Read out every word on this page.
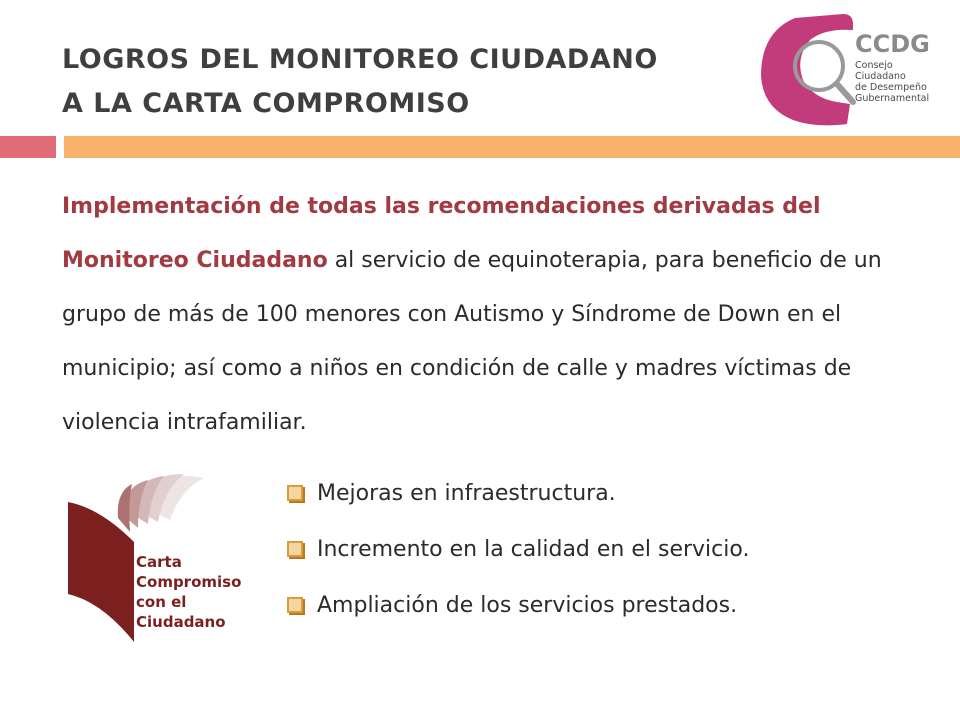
LOGROS DEL MONITOREO CIUDADANO
A LA CARTA COMPROMISO
CCDG
Consejo
Ciudadano
de Desempeño
Gubernamental
Implementación de todas las recomendaciones derivadas del Monitoreo Ciudadano al servicio de equinoterapia, para beneficio de un grupo de más de 100 menores con Autismo y Síndrome de Down en el municipio; así como a niños en condición de calle y madres víctimas de violencia intrafamiliar.
Carta
Compromiso
con el
Ciudadano
Mejoras en infraestructura.
Incremento en la calidad en el servicio.
Ampliación de los servicios prestados.
